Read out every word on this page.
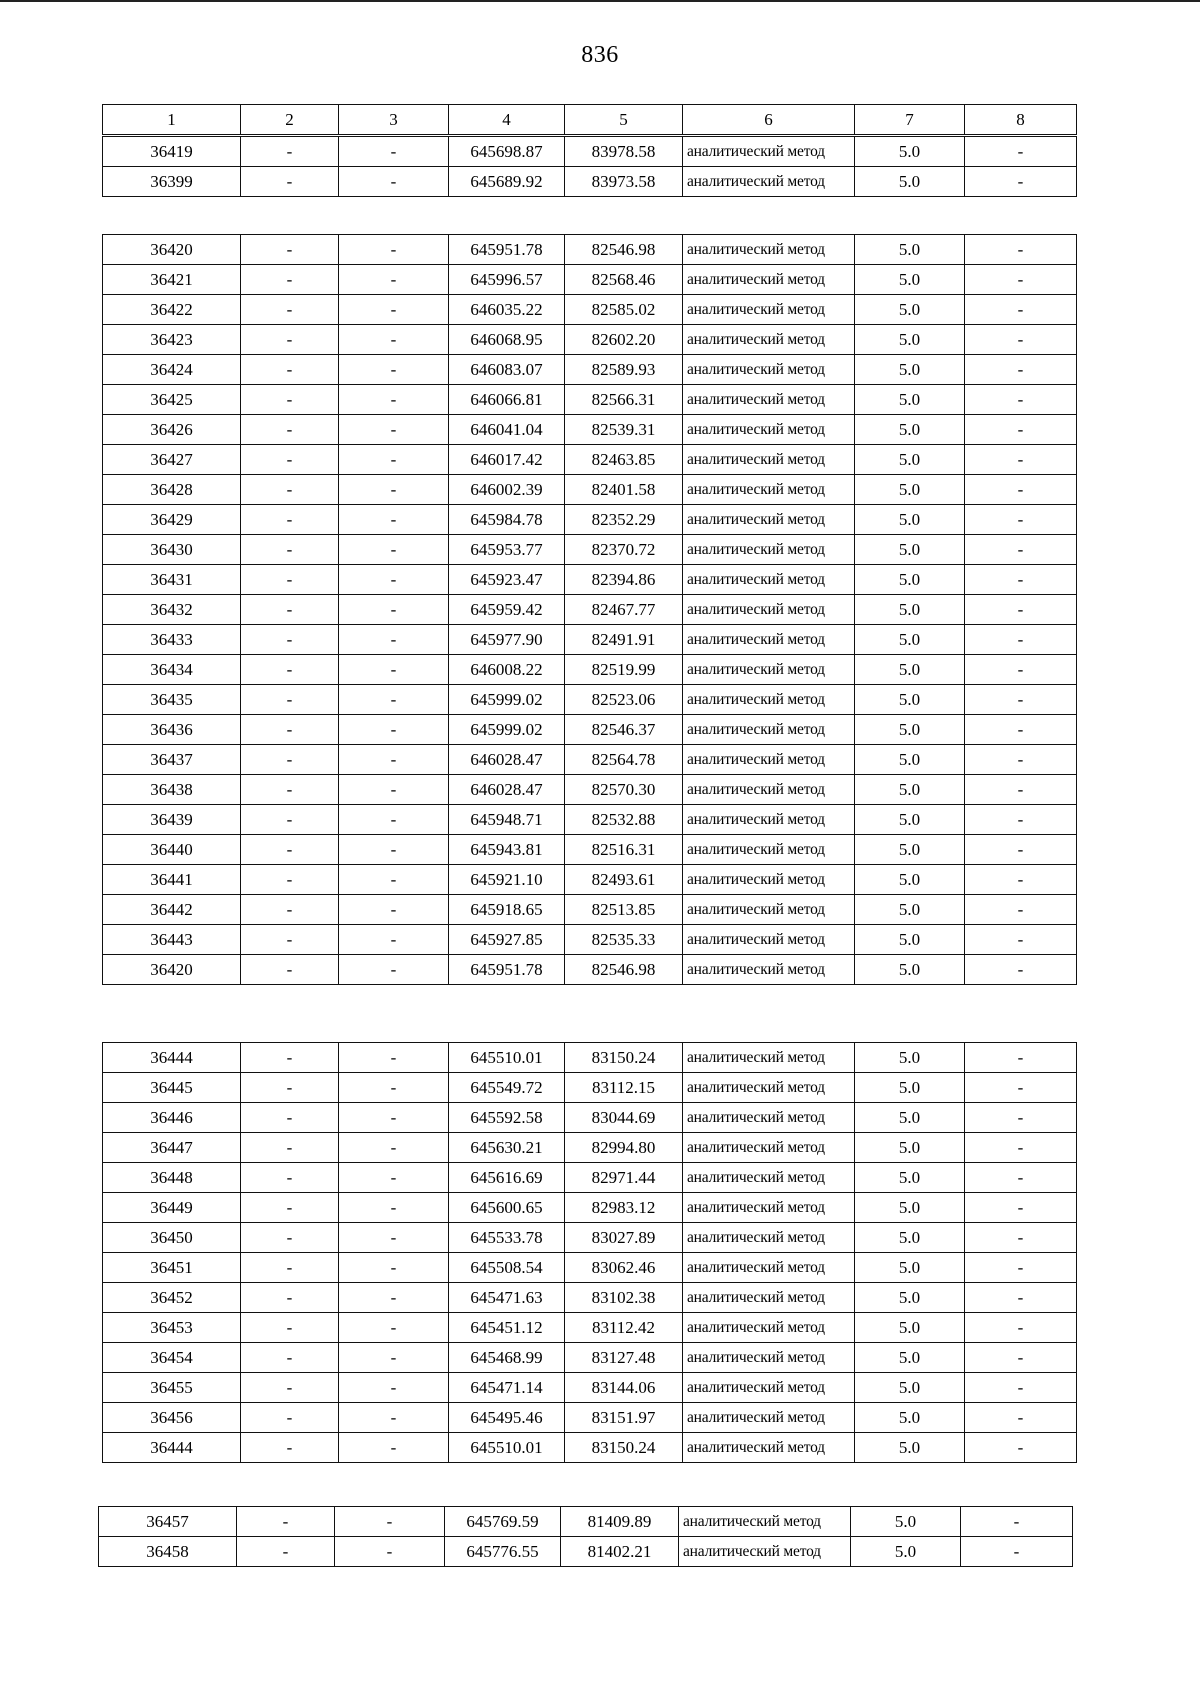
836
1	2	3	4	5	6	7	8
36419	-	-	645698.87	83978.58	аналитический метод	5.0	-
36399	-	-	645689.92	83973.58	аналитический метод	5.0	-
36420	-	-	645951.78	82546.98	аналитический метод	5.0	-
36421	-	-	645996.57	82568.46	аналитический метод	5.0	-
36422	-	-	646035.22	82585.02	аналитический метод	5.0	-
36423	-	-	646068.95	82602.20	аналитический метод	5.0	-
36424	-	-	646083.07	82589.93	аналитический метод	5.0	-
36425	-	-	646066.81	82566.31	аналитический метод	5.0	-
36426	-	-	646041.04	82539.31	аналитический метод	5.0	-
36427	-	-	646017.42	82463.85	аналитический метод	5.0	-
36428	-	-	646002.39	82401.58	аналитический метод	5.0	-
36429	-	-	645984.78	82352.29	аналитический метод	5.0	-
36430	-	-	645953.77	82370.72	аналитический метод	5.0	-
36431	-	-	645923.47	82394.86	аналитический метод	5.0	-
36432	-	-	645959.42	82467.77	аналитический метод	5.0	-
36433	-	-	645977.90	82491.91	аналитический метод	5.0	-
36434	-	-	646008.22	82519.99	аналитический метод	5.0	-
36435	-	-	645999.02	82523.06	аналитический метод	5.0	-
36436	-	-	645999.02	82546.37	аналитический метод	5.0	-
36437	-	-	646028.47	82564.78	аналитический метод	5.0	-
36438	-	-	646028.47	82570.30	аналитический метод	5.0	-
36439	-	-	645948.71	82532.88	аналитический метод	5.0	-
36440	-	-	645943.81	82516.31	аналитический метод	5.0	-
36441	-	-	645921.10	82493.61	аналитический метод	5.0	-
36442	-	-	645918.65	82513.85	аналитический метод	5.0	-
36443	-	-	645927.85	82535.33	аналитический метод	5.0	-
36420	-	-	645951.78	82546.98	аналитический метод	5.0	-
36444	-	-	645510.01	83150.24	аналитический метод	5.0	-
36445	-	-	645549.72	83112.15	аналитический метод	5.0	-
36446	-	-	645592.58	83044.69	аналитический метод	5.0	-
36447	-	-	645630.21	82994.80	аналитический метод	5.0	-
36448	-	-	645616.69	82971.44	аналитический метод	5.0	-
36449	-	-	645600.65	82983.12	аналитический метод	5.0	-
36450	-	-	645533.78	83027.89	аналитический метод	5.0	-
36451	-	-	645508.54	83062.46	аналитический метод	5.0	-
36452	-	-	645471.63	83102.38	аналитический метод	5.0	-
36453	-	-	645451.12	83112.42	аналитический метод	5.0	-
36454	-	-	645468.99	83127.48	аналитический метод	5.0	-
36455	-	-	645471.14	83144.06	аналитический метод	5.0	-
36456	-	-	645495.46	83151.97	аналитический метод	5.0	-
36444	-	-	645510.01	83150.24	аналитический метод	5.0	-
36457	-	-	645769.59	81409.89	аналитический метод	5.0	-
36458	-	-	645776.55	81402.21	аналитический метод	5.0	-
